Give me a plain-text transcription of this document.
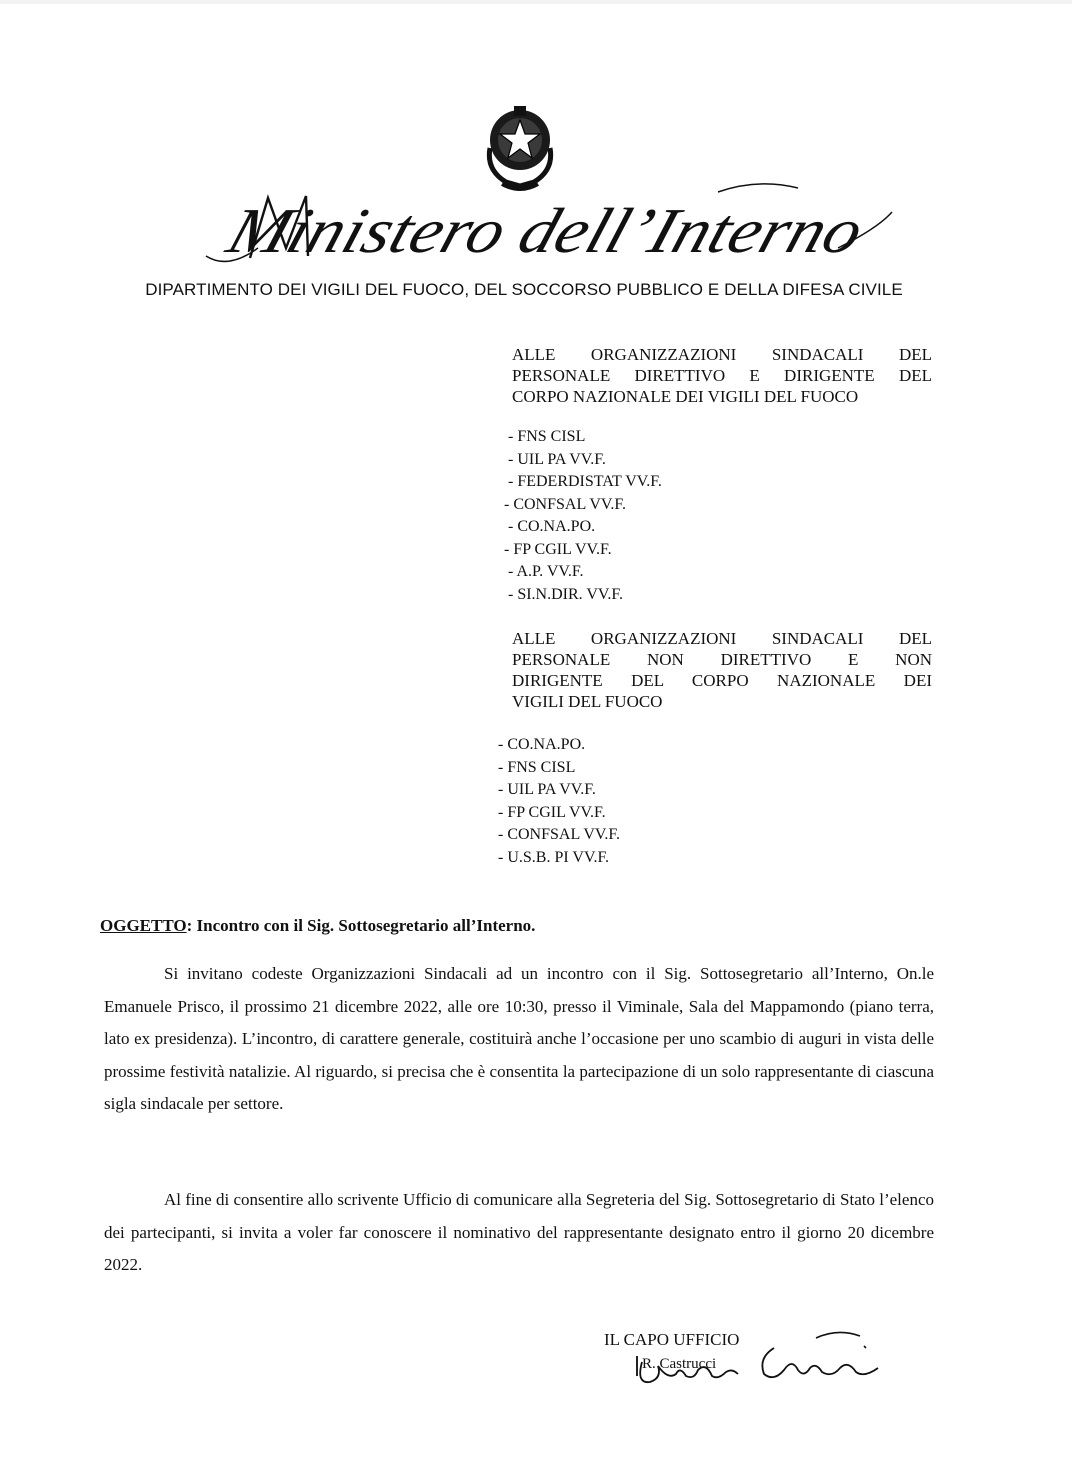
Ministero dell’Interno
DIPARTIMENTO DEI VIGILI DEL FUOCO, DEL SOCCORSO PUBBLICO E DELLA DIFESA CIVILE
ALLE ORGANIZZAZIONI SINDACALI DEL
PERSONALE DIRETTIVO E DIRIGENTE DEL
CORPO NAZIONALE DEI VIGILI DEL FUOCO
- FNS CISL
- UIL PA VV.F.
- FEDERDISTAT VV.F.
- CONFSAL VV.F.
- CO.NA.PO.
- FP CGIL VV.F.
- A.P. VV.F.
- SI.N.DIR. VV.F.
ALLE ORGANIZZAZIONI SINDACALI DEL
PERSONALE NON DIRETTIVO E NON
DIRIGENTE DEL CORPO NAZIONALE DEI
VIGILI DEL FUOCO
- CO.NA.PO.
- FNS CISL
- UIL PA VV.F.
- FP CGIL VV.F.
- CONFSAL VV.F.
- U.S.B. PI VV.F.
OGGETTO: Incontro con il Sig. Sottosegretario all’Interno.

Si invitano codeste Organizzazioni Sindacali ad un incontro con il Sig. Sottosegretario all’Interno, On.le Emanuele Prisco, il prossimo 21 dicembre 2022, alle ore 10:30, presso il Viminale, Sala del Mappamondo (piano terra, lato ex presidenza). L’incontro, di carattere generale, costituirà anche l’occasione per uno scambio di auguri in vista delle prossime festività natalizie. Al riguardo, si precisa che è consentita la partecipazione di un solo rappresentante di ciascuna sigla sindacale per settore.

Al fine di consentire allo scrivente Ufficio di comunicare alla Segreteria del Sig. Sottosegretario di Stato l’elenco dei partecipanti, si invita a voler far conoscere il nominativo del rappresentante designato entro il giorno 20 dicembre 2022.

IL CAPO UFFICIO
R. Castrucci
